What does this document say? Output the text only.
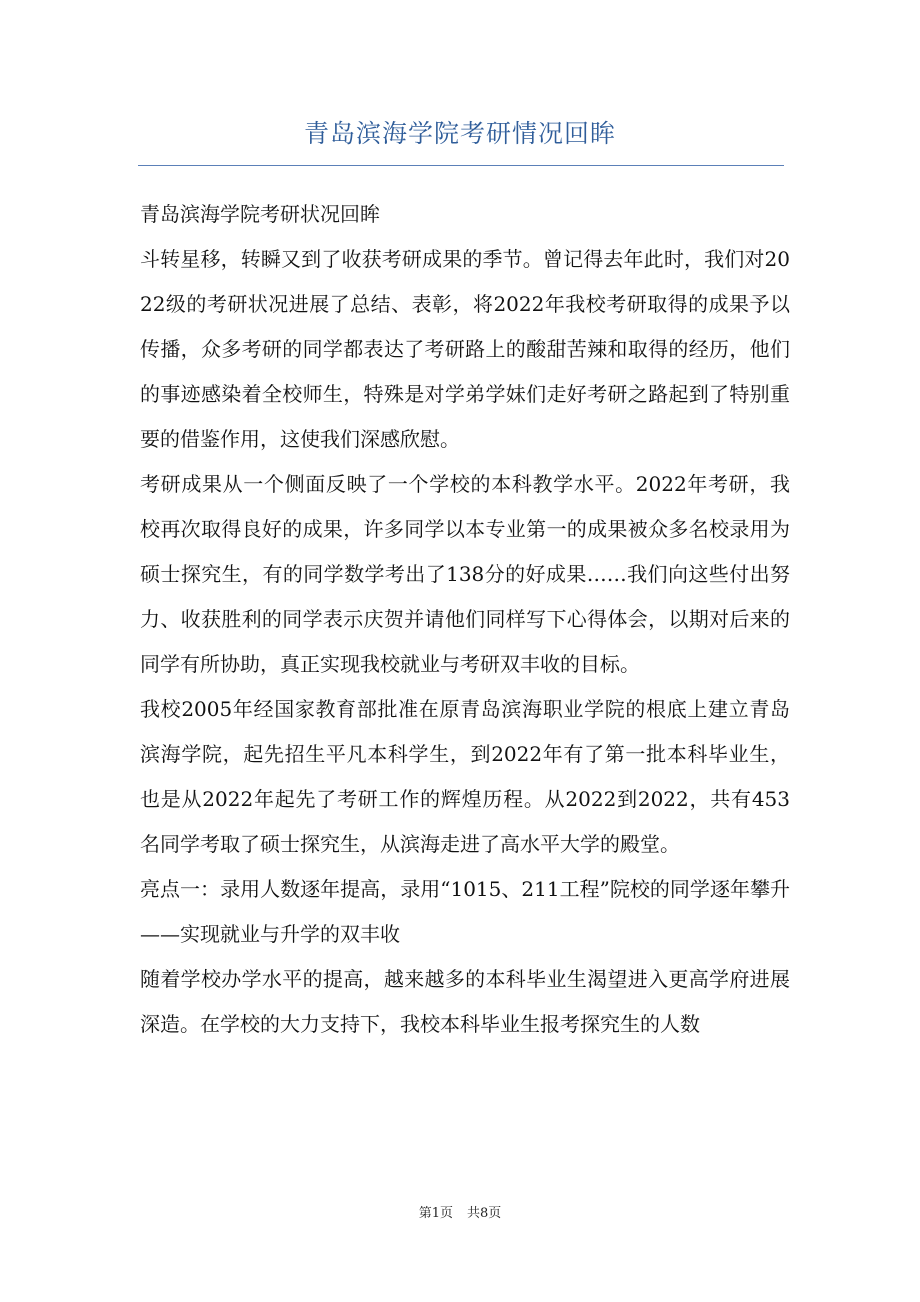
青岛滨海学院考研情况回眸

青岛滨海学院考研状况回眸

斗转星移，转瞬又到了收获考研成果的季节。曾记得去年此时，我们对2022级的考研状况进展了总结、表彰，将2022年我校考研取得的成果予以传播，众多考研的同学都表达了考研路上的酸甜苦辣和取得的经历，他们的事迹感染着全校师生，特殊是对学弟学妹们走好考研之路起到了特别重要的借鉴作用，这使我们深感欣慰。

考研成果从一个侧面反映了一个学校的本科教学水平。2022年考研，我校再次取得良好的成果，许多同学以本专业第一的成果被众多名校录用为硕士探究生，有的同学数学考出了138分的好成果……我们向这些付出努力、收获胜利的同学表示庆贺并请他们同样写下心得体会，以期对后来的同学有所协助，真正实现我校就业与考研双丰收的目标。

我校2005年经国家教育部批准在原青岛滨海职业学院的根底上建立青岛滨海学院，起先招生平凡本科学生，到2022年有了第一批本科毕业生，也是从2022年起先了考研工作的辉煌历程。从2022到2022，共有453名同学考取了硕士探究生，从滨海走进了高水平大学的殿堂。

亮点一：录用人数逐年提高，录用“1015、211工程”院校的同学逐年攀升——实现就业与升学的双丰收

随着学校办学水平的提高，越来越多的本科毕业生渴望进入更高学府进展深造。在学校的大力支持下，我校本科毕业生报考探究生的人数

第1页 共8页
